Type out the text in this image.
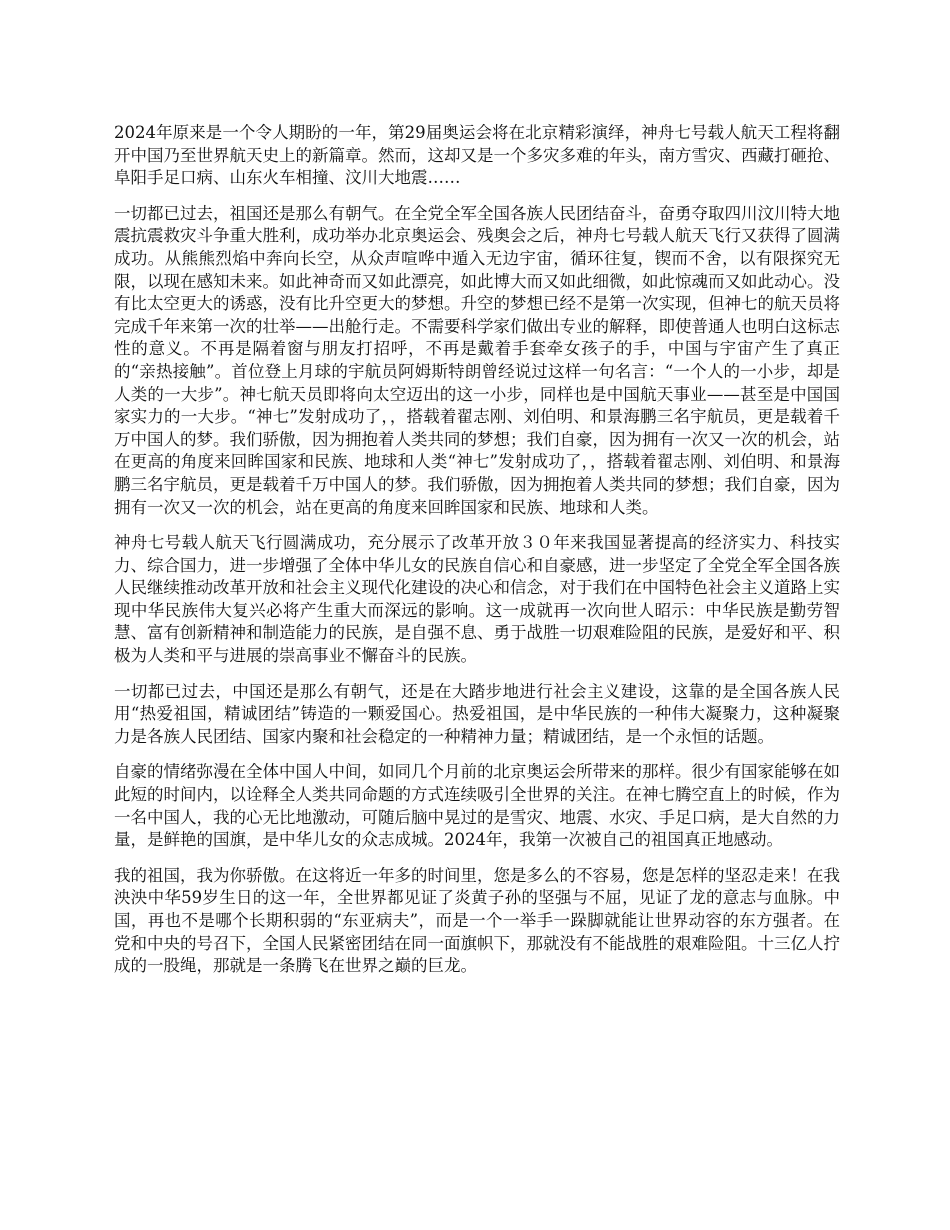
2024年原来是一个令人期盼的一年，第29届奥运会将在北京精彩演绎，神舟七号载人航天工程将翻开中国乃至世界航天史上的新篇章。然而，这却又是一个多灾多难的年头，南方雪灾、西藏打砸抢、阜阳手足口病、山东火车相撞、汶川大地震……

一切都已过去，祖国还是那么有朝气。在全党全军全国各族人民团结奋斗，奋勇夺取四川汶川特大地震抗震救灾斗争重大胜利，成功举办北京奥运会、残奥会之后，神舟七号载人航天飞行又获得了圆满成功。从熊熊烈焰中奔向长空，从众声喧哗中遁入无边宇宙，循环往复，锲而不舍，以有限探究无限，以现在感知未来。如此神奇而又如此漂亮，如此博大而又如此细微，如此惊魂而又如此动心。没有比太空更大的诱惑，没有比升空更大的梦想。升空的梦想已经不是第一次实现，但神七的航天员将完成千年来第一次的壮举——出舱行走。不需要科学家们做出专业的解释，即使普通人也明白这标志性的意义。不再是隔着窗与朋友打招呼，不再是戴着手套牵女孩子的手，中国与宇宙产生了真正的“亲热接触”。首位登上月球的宇航员阿姆斯特朗曾经说过这样一句名言：“一个人的一小步，却是人类的一大步”。神七航天员即将向太空迈出的这一小步，同样也是中国航天事业——甚至是中国国家实力的一大步。“神七”发射成功了，，搭载着翟志刚、刘伯明、和景海鹏三名宇航员，更是载着千万中国人的梦。我们骄傲，因为拥抱着人类共同的梦想；我们自豪，因为拥有一次又一次的机会，站在更高的角度来回眸国家和民族、地球和人类“神七”发射成功了，，搭载着翟志刚、刘伯明、和景海鹏三名宇航员，更是载着千万中国人的梦。我们骄傲，因为拥抱着人类共同的梦想；我们自豪，因为拥有一次又一次的机会，站在更高的角度来回眸国家和民族、地球和人类。

神舟七号载人航天飞行圆满成功，充分展示了改革开放３０年来我国显著提高的经济实力、科技实力、综合国力，进一步增强了全体中华儿女的民族自信心和自豪感，进一步坚定了全党全军全国各族人民继续推动改革开放和社会主义现代化建设的决心和信念，对于我们在中国特色社会主义道路上实现中华民族伟大复兴必将产生重大而深远的影响。这一成就再一次向世人昭示：中华民族是勤劳智慧、富有创新精神和制造能力的民族，是自强不息、勇于战胜一切艰难险阻的民族，是爱好和平、积极为人类和平与进展的崇高事业不懈奋斗的民族。

一切都已过去，中国还是那么有朝气，还是在大踏步地进行社会主义建设，这靠的是全国各族人民用“热爱祖国，精诚团结”铸造的一颗爱国心。热爱祖国，是中华民族的一种伟大凝聚力，这种凝聚力是各族人民团结、国家内聚和社会稳定的一种精神力量；精诚团结，是一个永恒的话题。

自豪的情绪弥漫在全体中国人中间，如同几个月前的北京奥运会所带来的那样。很少有国家能够在如此短的时间内，以诠释全人类共同命题的方式连续吸引全世界的关注。在神七腾空直上的时候，作为一名中国人，我的心无比地激动，可随后脑中晃过的是雪灾、地震、水灾、手足口病，是大自然的力量，是鲜艳的国旗，是中华儿女的众志成城。2024年，我第一次被自己的祖国真正地感动。

我的祖国，我为你骄傲。在这将近一年多的时间里，您是多么的不容易，您是怎样的坚忍走来！在我泱泱中华59岁生日的这一年，全世界都见证了炎黄子孙的坚强与不屈，见证了龙的意志与血脉。中国，再也不是哪个长期积弱的“东亚病夫”，而是一个一举手一跺脚就能让世界动容的东方强者。在党和中央的号召下，全国人民紧密团结在同一面旗帜下，那就没有不能战胜的艰难险阻。十三亿人拧成的一股绳，那就是一条腾飞在世界之巅的巨龙。
